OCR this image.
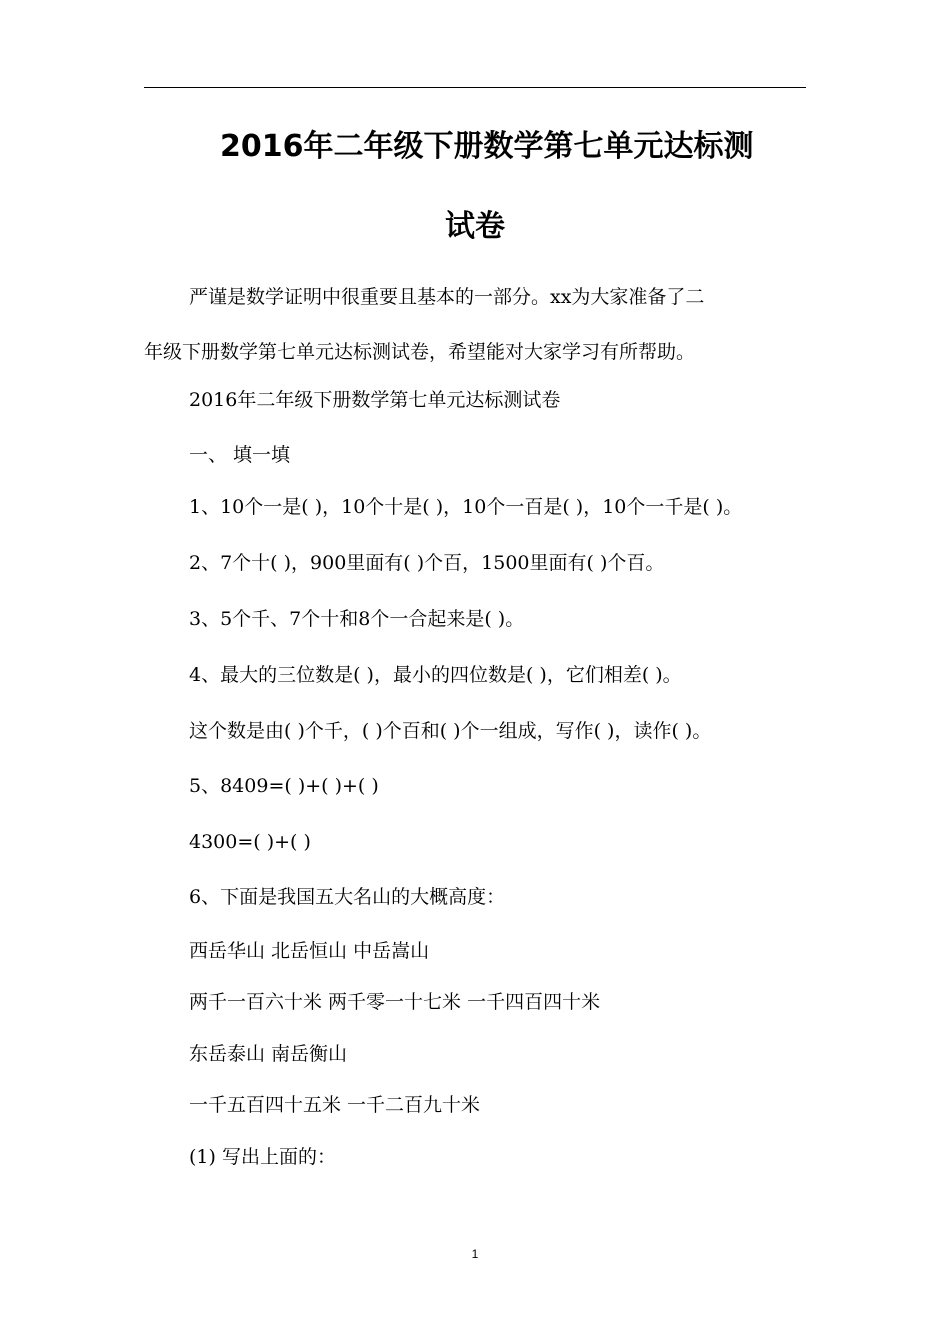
2016年二年级下册数学第七单元达标测
试卷
严谨是数学证明中很重要且基本的一部分。xx为大家准备了二
年级下册数学第七单元达标测试卷，希望能对大家学习有所帮助。
2016年二年级下册数学第七单元达标测试卷
一、 填一填
1、10个一是( )，10个十是( )，10个一百是( )，10个一千是( )。
2、7个十( )，900里面有( )个百，1500里面有( )个百。
3、5个千、7个十和8个一合起来是( )。
4、最大的三位数是( )，最小的四位数是( )，它们相差( )。
这个数是由( )个千，( )个百和( )个一组成，写作( )，读作( )。
5、8409=( )+( )+( )
4300=( )+( )
6、下面是我国五大名山的大概高度：
西岳华山 北岳恒山 中岳嵩山
两千一百六十米 两千零一十七米 一千四百四十米
东岳泰山 南岳衡山
一千五百四十五米 一千二百九十米
(1) 写出上面的：
1
